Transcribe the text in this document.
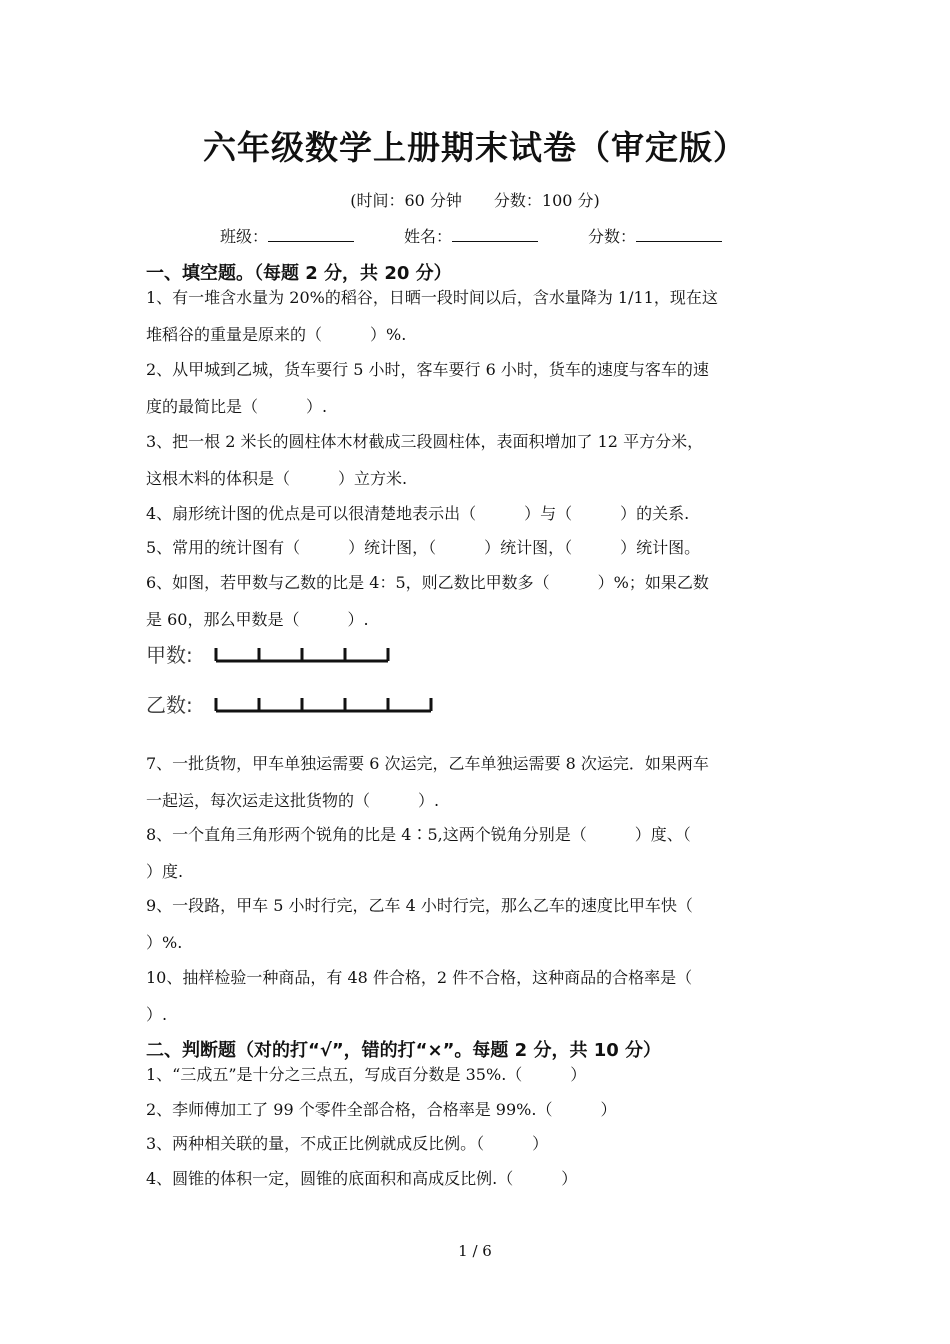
六年级数学上册期末试卷（审定版）
(时间：60 分钟　　分数：100 分)
班级：	姓名：	分数：
一、填空题。（每题 2 分，共 20 分）
1、有一堆含水量为 20%的稻谷，日晒一段时间以后，含水量降为 1/11，现在这
堆稻谷的重量是原来的（　　　）%.
2、从甲城到乙城，货车要行 5 小时，客车要行 6 小时，货车的速度与客车的速
度的最简比是（　　　）.
3、把一根 2 米长的圆柱体木材截成三段圆柱体，表面积增加了 12 平方分米，
这根木料的体积是（　　　）立方米.
4、扇形统计图的优点是可以很清楚地表示出（　　　）与（　　　）的关系.
5、常用的统计图有（　　　）统计图，（　　　）统计图，（　　　）统计图。
6、如图，若甲数与乙数的比是 4：5，则乙数比甲数多（　　　）%；如果乙数
是 60，那么甲数是（　　　）.
甲数:
乙数:
7、一批货物，甲车单独运需要 6 次运完，乙车单独运需要 8 次运完．如果两车
一起运，每次运走这批货物的（　　　）.
8、一个直角三角形两个锐角的比是 4∶5,这两个锐角分别是（　　　）度、（
）度.
9、一段路，甲车 5 小时行完，乙车 4 小时行完，那么乙车的速度比甲车快（
）%.
10、抽样检验一种商品，有 48 件合格，2 件不合格，这种商品的合格率是（
）.
二、判断题（对的打“√”，错的打“×”。每题 2 分，共 10 分）
1、“三成五”是十分之三点五，写成百分数是 35%.（　　　）
2、李师傅加工了 99 个零件全部合格，合格率是 99%.（　　　）
3、两种相关联的量，不成正比例就成反比例。（　　　）
4、圆锥的体积一定，圆锥的底面积和高成反比例.（　　　）
1 / 6
